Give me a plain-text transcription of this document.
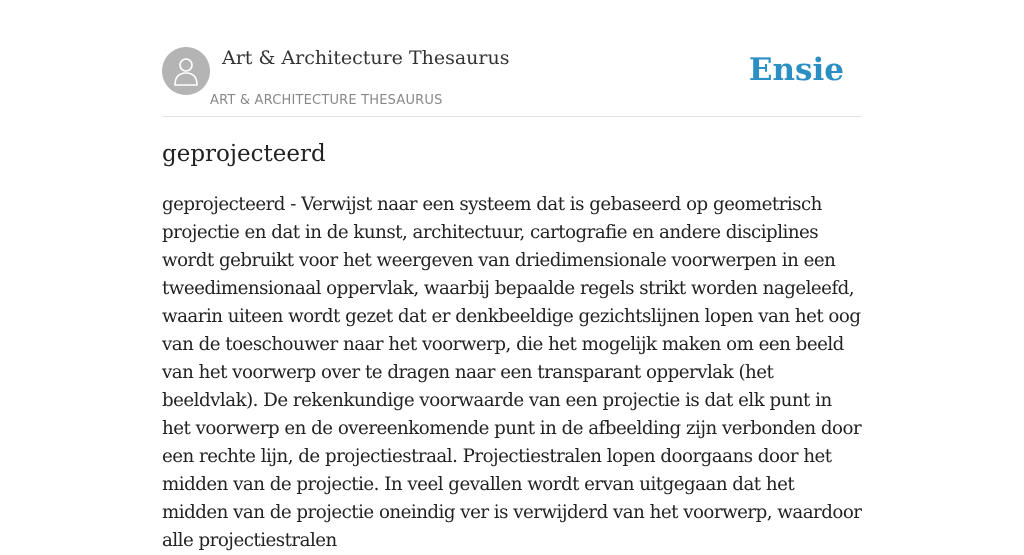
Art & Architecture Thesaurus
ART & ARCHITECTURE THESAURUS
Ensie
geprojecteerd

geprojecteerd - Verwijst naar een systeem dat is gebaseerd op geometrisch projectie en dat in de kunst, architectuur, cartografie en andere disciplines wordt gebruikt voor het weergeven van driedimensionale voorwerpen in een tweedimensionaal oppervlak, waarbij bepaalde regels strikt worden nageleefd, waarin uiteen wordt gezet dat er denkbeeldige gezichtslijnen lopen van het oog van de toeschouwer naar het voorwerp, die het mogelijk maken om een beeld van het voorwerp over te dragen naar een transparant oppervlak (het beeldvlak). De rekenkundige voorwaarde van een projectie is dat elk punt in het voorwerp en de overeenkomende punt in de afbeelding zijn verbonden door een rechte lijn, de projectiestraal. Projectiestralen lopen doorgaans door het midden van de projectie. In veel gevallen wordt ervan uitgegaan dat het midden van de projectie oneindig ver is verwijderd van het voorwerp, waardoor alle projectiestralen
